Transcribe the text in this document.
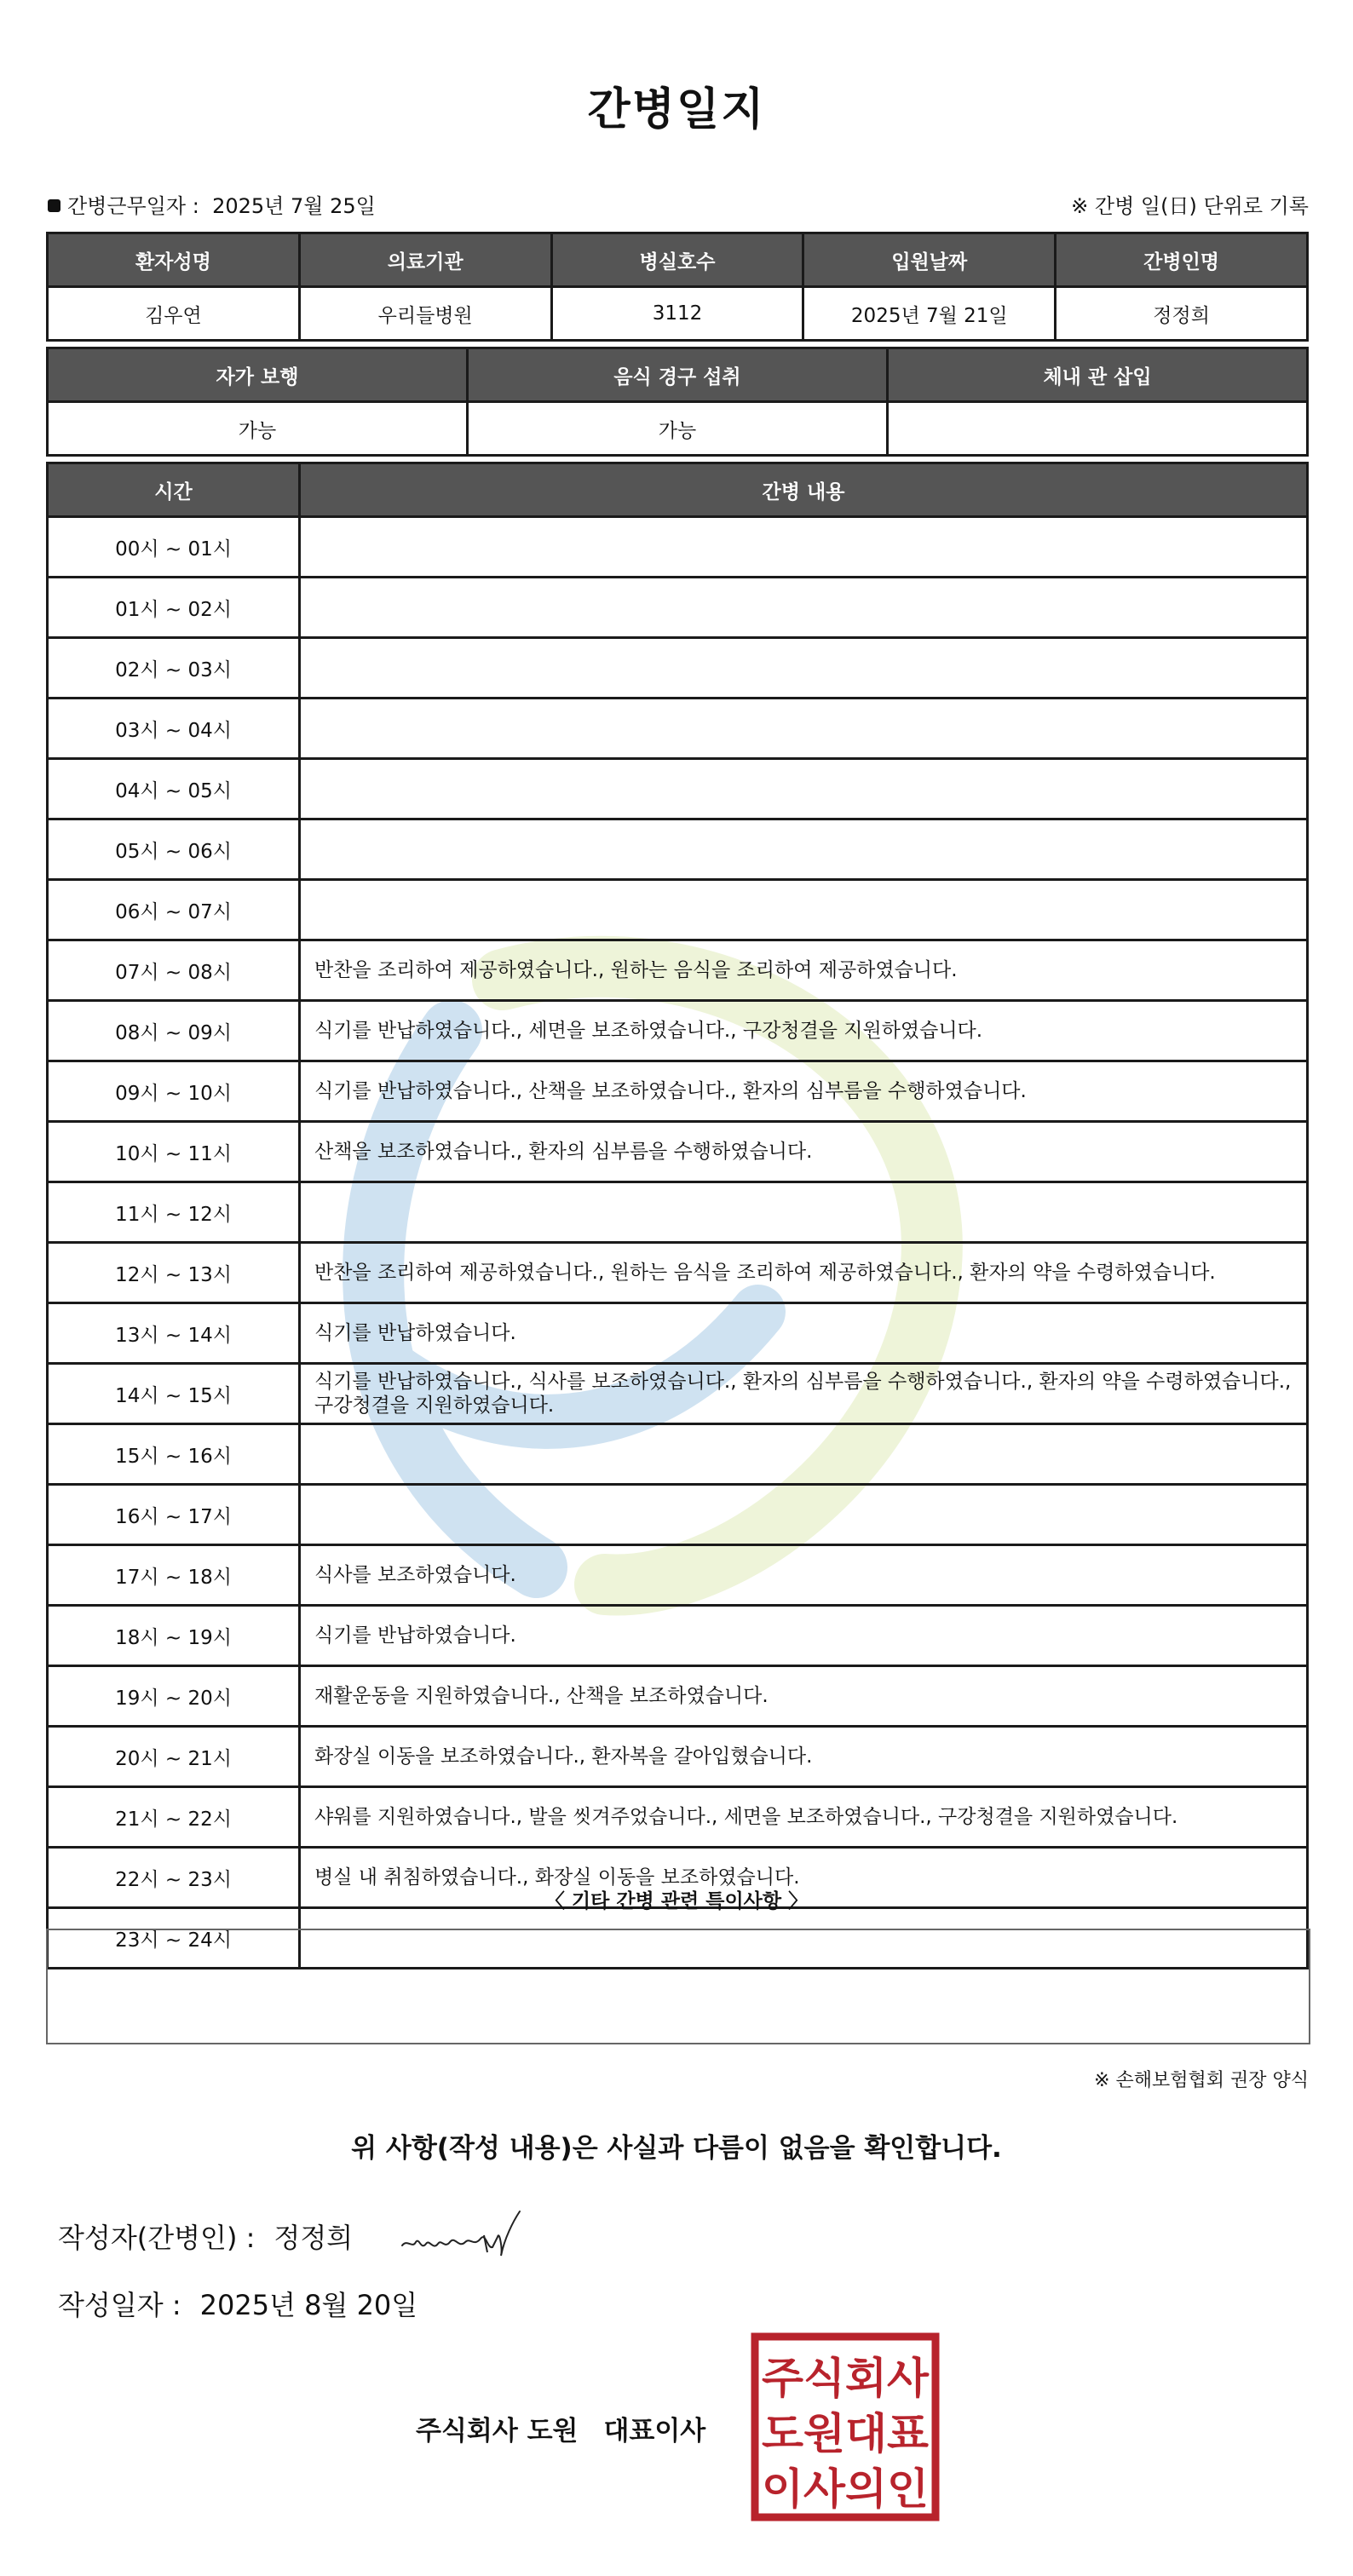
간병일지
간병근무일자 : 2025년 7월 25일	※ 간병 일(日) 단위로 기록
환자성명	의료기관	병실호수	입원날짜	간병인명
김우연	우리들병원	3112	2025년 7월 21일	정정희
자가 보행	음식 경구 섭취	체내 관 삽입
가능	가능	
시간	간병 내용
00시 ~ 01시	
01시 ~ 02시	
02시 ~ 03시	
03시 ~ 04시	
04시 ~ 05시	
05시 ~ 06시	
06시 ~ 07시	
07시 ~ 08시	반찬을 조리하여 제공하였습니다., 원하는 음식을 조리하여 제공하였습니다.
08시 ~ 09시	식기를 반납하였습니다., 세면을 보조하였습니다., 구강청결을 지원하였습니다.
09시 ~ 10시	식기를 반납하였습니다., 산책을 보조하였습니다., 환자의 심부름을 수행하였습니다.
10시 ~ 11시	산책을 보조하였습니다., 환자의 심부름을 수행하였습니다.
11시 ~ 12시	
12시 ~ 13시	반찬을 조리하여 제공하였습니다., 원하는 음식을 조리하여 제공하였습니다., 환자의 약을 수령하였습니다.
13시 ~ 14시	식기를 반납하였습니다.
14시 ~ 15시	식기를 반납하였습니다., 식사를 보조하였습니다., 환자의 심부름을 수행하였습니다., 환자의 약을 수령하였습니다., 구강청결을 지원하였습니다.
15시 ~ 16시	
16시 ~ 17시	
17시 ~ 18시	식사를 보조하였습니다.
18시 ~ 19시	식기를 반납하였습니다.
19시 ~ 20시	재활운동을 지원하였습니다., 산책을 보조하였습니다.
20시 ~ 21시	화장실 이동을 보조하였습니다., 환자복을 갈아입혔습니다.
21시 ~ 22시	샤워를 지원하였습니다., 발을 씻겨주었습니다., 세면을 보조하였습니다., 구강청결을 지원하였습니다.
22시 ~ 23시	병실 내 취침하였습니다., 화장실 이동을 보조하였습니다.
23시 ~ 24시	
〈 기타 간병 관련 특이사항 〉
※ 손해보험협회 권장 양식
위 사항(작성 내용)은 사실과 다름이 없음을 확인합니다.
작성자(간병인) : 정정희
작성일자 : 2025년 8월 20일
주식회사 도원 대표이사
주식회사
도원대표
이사의인
